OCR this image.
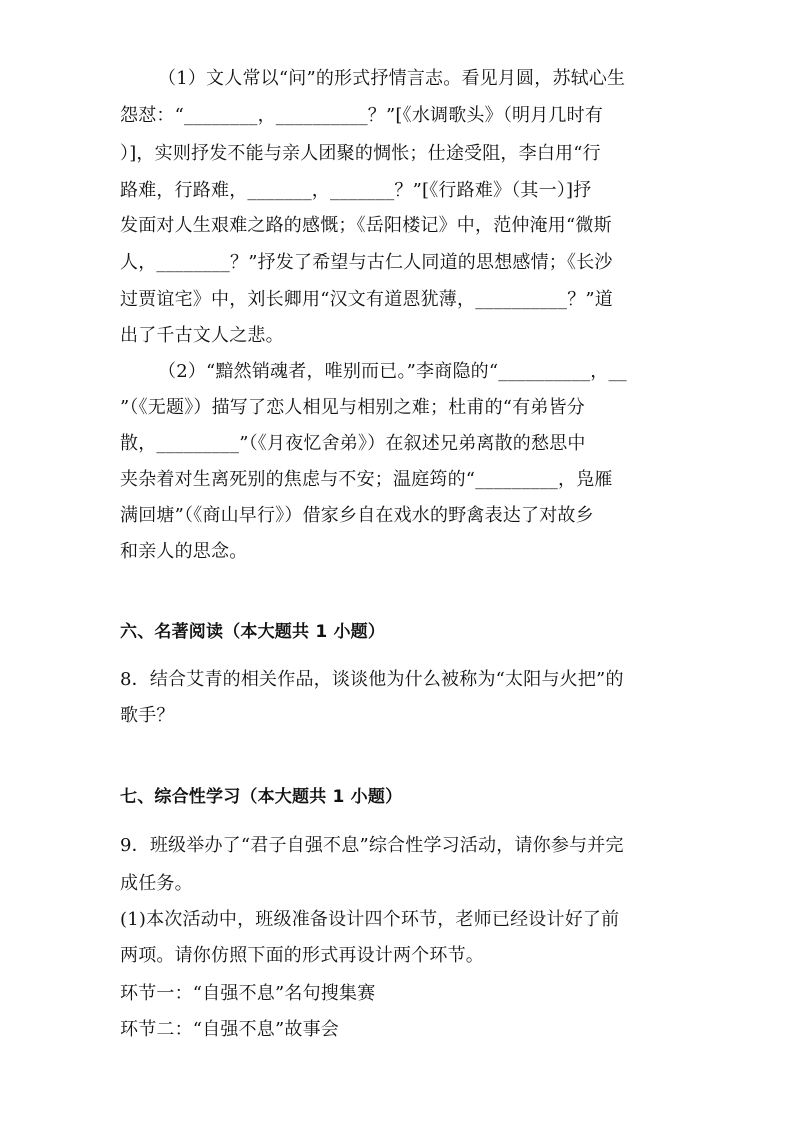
（1）文人常以“问”的形式抒情言志。看见月圆，苏轼心生
怨怼：“________，__________？”[《水调歌头》（明月几时有
）]，实则抒发不能与亲人团聚的惆怅；仕途受阻，李白用“行
路难，行路难，_______，_______？”[《行路难》（其一）]抒
发面对人生艰难之路的感慨；《岳阳楼记》中，范仲淹用“微斯
人，________？”抒发了希望与古仁人同道的思想感情；《长沙
过贾谊宅》中，刘长卿用“汉文有道恩犹薄，__________？”道
出了千古文人之悲。
（2）“黯然销魂者，唯别而已。”李商隐的“__________，__
”（《无题》）描写了恋人相见与相别之难；杜甫的“有弟皆分
散，_________”（《月夜忆舍弟》）在叙述兄弟离散的愁思中
夹杂着对生离死别的焦虑与不安；温庭筠的“_________，凫雁
满回塘”（《商山早行》）借家乡自在戏水的野禽表达了对故乡
和亲人的思念。
六、名著阅读（本大题共 1 小题）
8．结合艾青的相关作品，谈谈他为什么被称为“太阳与火把”的
歌手？
七、综合性学习（本大题共 1 小题）
9．班级举办了“君子自强不息”综合性学习活动，请你参与并完
成任务。
(1)本次活动中，班级准备设计四个环节，老师已经设计好了前
两项。请你仿照下面的形式再设计两个环节。
环节一：“自强不息”名句搜集赛
环节二：“自强不息”故事会
